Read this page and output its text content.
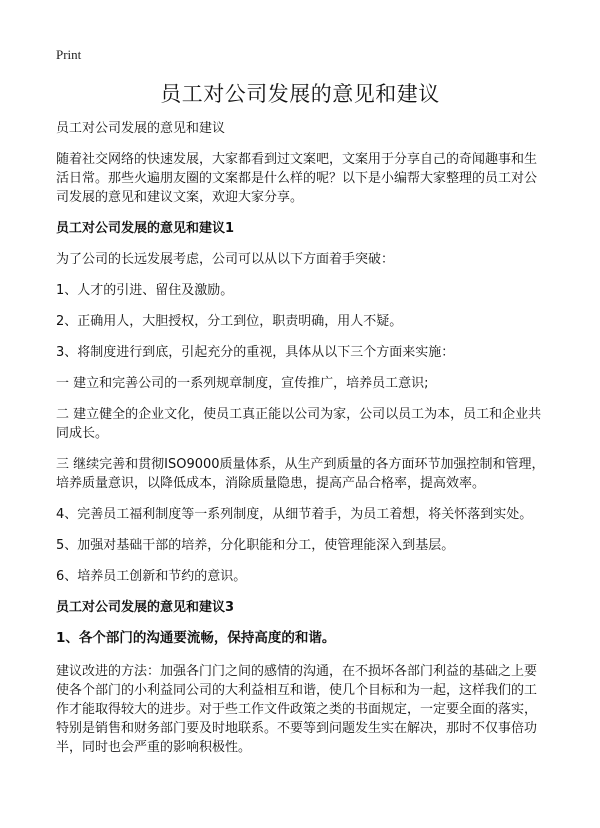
Print
员工对公司发展的意见和建议

员工对公司发展的意见和建议

随着社交网络的快速发展，大家都看到过文案吧，文案用于分享自己的奇闻趣事和生活日常。那些火遍朋友圈的文案都是什么样的呢？以下是小编帮大家整理的员工对公司发展的意见和建议文案，欢迎大家分享。

员工对公司发展的意见和建议1

为了公司的长远发展考虑，公司可以从以下方面着手突破：

1、人才的引进、留住及激励。

2、正确用人，大胆授权，分工到位，职责明确，用人不疑。

3、将制度进行到底，引起充分的重视，具体从以下三个方面来实施：

一 建立和完善公司的一系列规章制度，宣传推广，培养员工意识;

二 建立健全的企业文化，使员工真正能以公司为家，公司以员工为本，员工和企业共同成长。

三 继续完善和贯彻ISO9000质量体系，从生产到质量的各方面环节加强控制和管理，培养质量意识，以降低成本，消除质量隐患，提高产品合格率，提高效率。

4、完善员工福利制度等一系列制度，从细节着手，为员工着想，将关怀落到实处。

5、加强对基础干部的培养，分化职能和分工，使管理能深入到基层。

6、培养员工创新和节约的意识。

员工对公司发展的意见和建议3

1、各个部门的沟通要流畅，保持高度的和谐。

建议改进的方法：加强各门门之间的感情的沟通，在不损坏各部门利益的基础之上要使各个部门的小利益同公司的大利益相互和谐，使几个目标和为一起，这样我们的工作才能取得较大的进步。对于些工作文件政策之类的书面规定，一定要全面的落实，特别是销售和财务部门要及时地联系。不要等到问题发生实在解决，那时不仅事倍功半，同时也会严重的影响积极性。
